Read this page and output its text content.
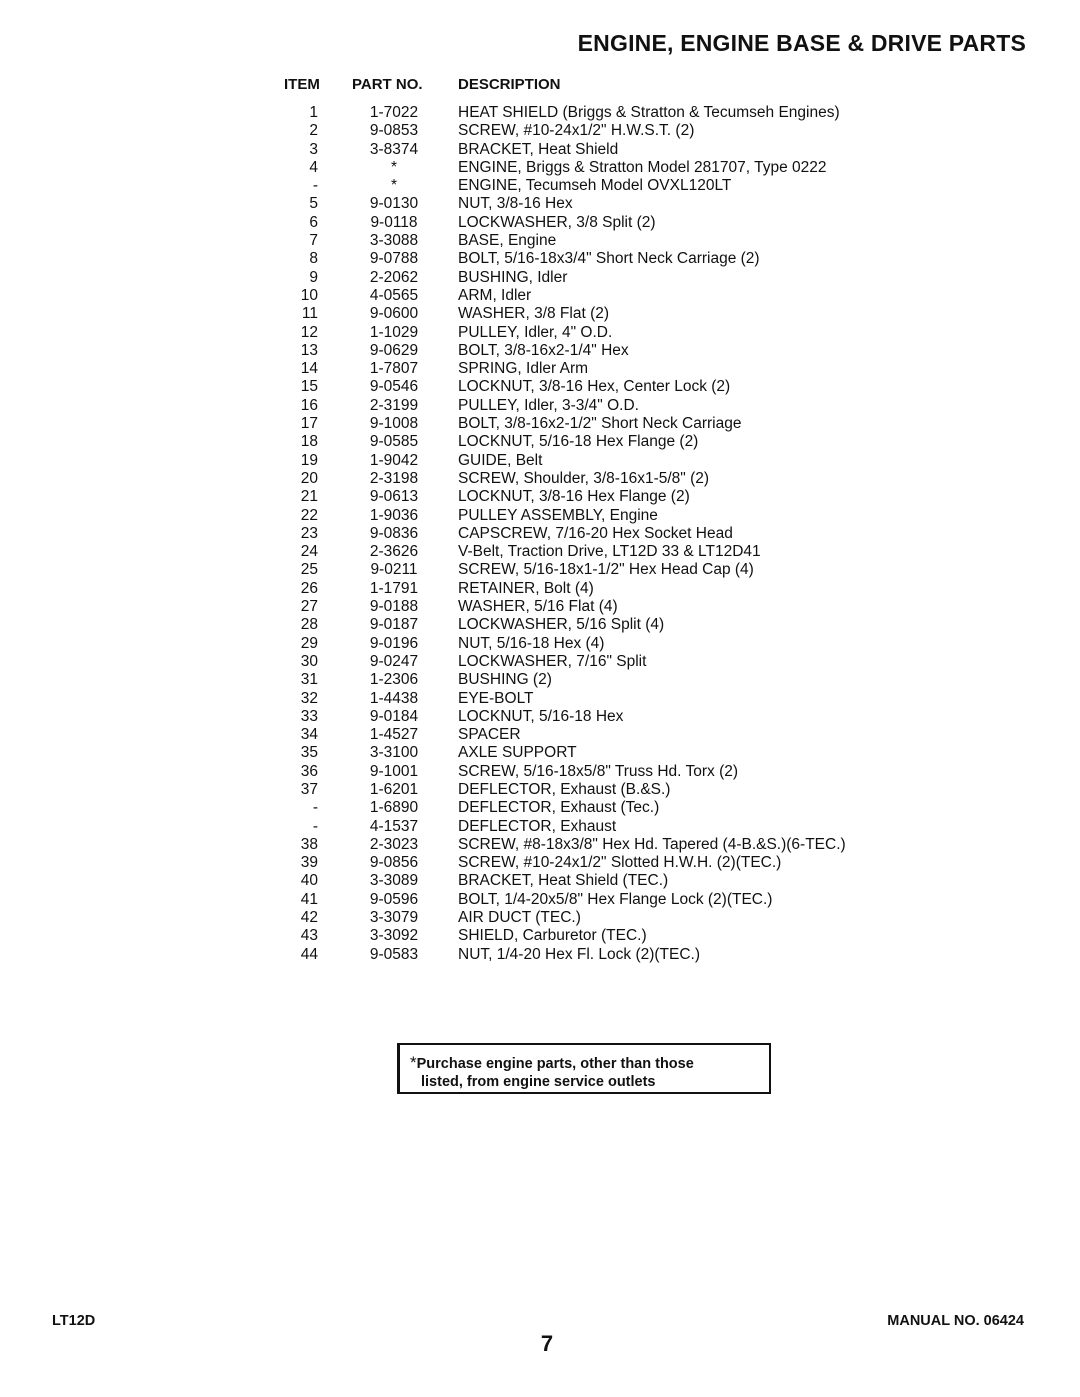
ENGINE, ENGINE BASE & DRIVE PARTS
ITEM PART NO. DESCRIPTION
1	1-7022	HEAT SHIELD (Briggs & Stratton & Tecumseh Engines)
2	9-0853	SCREW, #10-24x1/2" H.W.S.T. (2)
3	3-8374	BRACKET, Heat Shield
4	*	ENGINE, Briggs & Stratton Model 281707, Type 0222
-	*	ENGINE, Tecumseh Model OVXL120LT
5	9-0130	NUT, 3/8-16 Hex
6	9-0118	LOCKWASHER, 3/8 Split (2)
7	3-3088	BASE, Engine
8	9-0788	BOLT, 5/16-18x3/4" Short Neck Carriage (2)
9	2-2062	BUSHING, Idler
10	4-0565	ARM, Idler
11	9-0600	WASHER, 3/8 Flat (2)
12	1-1029	PULLEY, Idler, 4" O.D.
13	9-0629	BOLT, 3/8-16x2-1/4" Hex
14	1-7807	SPRING, Idler Arm
15	9-0546	LOCKNUT, 3/8-16 Hex, Center Lock (2)
16	2-3199	PULLEY, Idler, 3-3/4" O.D.
17	9-1008	BOLT, 3/8-16x2-1/2" Short Neck Carriage
18	9-0585	LOCKNUT, 5/16-18 Hex Flange (2)
19	1-9042	GUIDE, Belt
20	2-3198	SCREW, Shoulder, 3/8-16x1-5/8" (2)
21	9-0613	LOCKNUT, 3/8-16 Hex Flange (2)
22	1-9036	PULLEY ASSEMBLY, Engine
23	9-0836	CAPSCREW, 7/16-20 Hex Socket Head
24	2-3626	V-Belt, Traction Drive, LT12D 33 & LT12D41
25	9-0211	SCREW, 5/16-18x1-1/2" Hex Head Cap (4)
26	1-1791	RETAINER, Bolt (4)
27	9-0188	WASHER, 5/16 Flat (4)
28	9-0187	LOCKWASHER, 5/16 Split (4)
29	9-0196	NUT, 5/16-18 Hex (4)
30	9-0247	LOCKWASHER, 7/16" Split
31	1-2306	BUSHING (2)
32	1-4438	EYE-BOLT
33	9-0184	LOCKNUT, 5/16-18 Hex
34	1-4527	SPACER
35	3-3100	AXLE SUPPORT
36	9-1001	SCREW, 5/16-18x5/8" Truss Hd. Torx (2)
37	1-6201	DEFLECTOR, Exhaust (B.&S.)
-	1-6890	DEFLECTOR, Exhaust (Tec.)
-	4-1537	DEFLECTOR, Exhaust
38	2-3023	SCREW, #8-18x3/8" Hex Hd. Tapered (4-B.&S.)(6-TEC.)
39	9-0856	SCREW, #10-24x1/2" Slotted H.W.H. (2)(TEC.)
40	3-3089	BRACKET, Heat Shield (TEC.)
41	9-0596	BOLT, 1/4-20x5/8" Hex Flange Lock (2)(TEC.)
42	3-3079	AIR DUCT (TEC.)
43	3-3092	SHIELD, Carburetor (TEC.)
44	9-0583	NUT, 1/4-20 Hex Fl. Lock (2)(TEC.)
*Purchase engine parts, other than those
listed, from engine service outlets
LT12D
7
MANUAL NO. 06424
